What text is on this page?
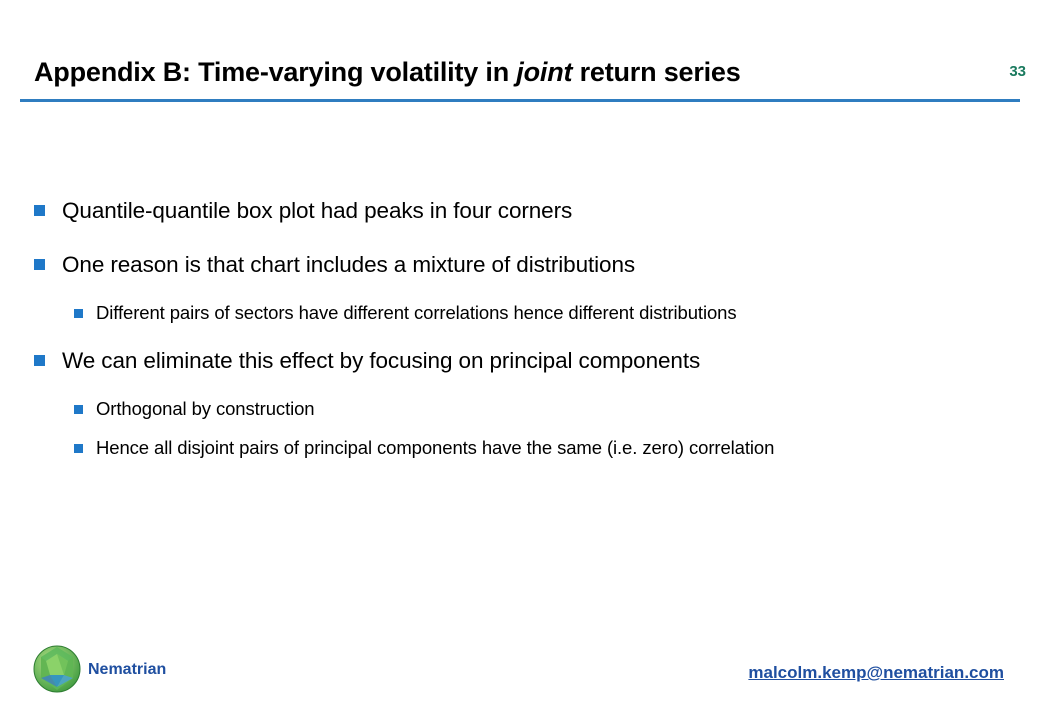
Appendix B: Time-varying volatility in joint return series	33
Quantile-quantile box plot had peaks in four corners
One reason is that chart includes a mixture of distributions
Different pairs of sectors have different correlations hence different distributions
We can eliminate this effect by focusing on principal components
Orthogonal by construction
Hence all disjoint pairs of principal components have the same (i.e. zero) correlation
Nematrian	malcolm.kemp@nematrian.com
